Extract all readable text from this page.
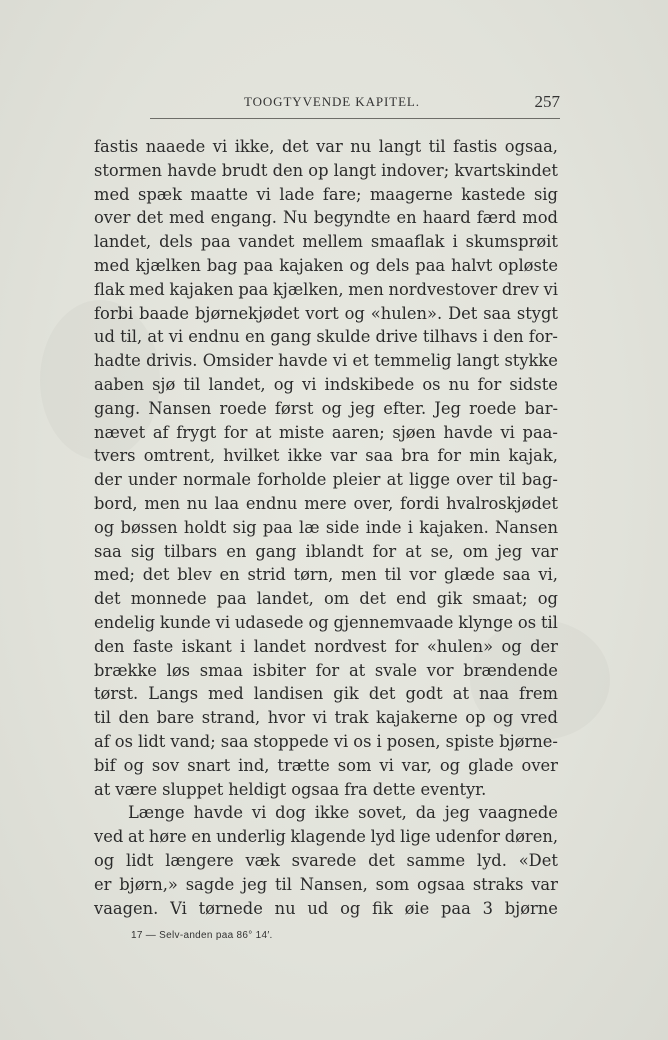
TOOGTYVENDE KAPITEL.	257
fastis naaede vi ikke, det var nu langt til fastis ogsaa,
stormen havde brudt den op langt indover; kvartskindet
med spæk maatte vi lade fare; maagerne kastede sig
over det med engang. Nu begyndte en haard færd mod
landet, dels paa vandet mellem smaaflak i skumsprøit
med kjælken bag paa kajaken og dels paa halvt opløste
flak med kajaken paa kjælken, men nordvestover drev vi
forbi baade bjørnekjødet vort og «hulen». Det saa stygt
ud til, at vi endnu en gang skulde drive tilhavs i den for-
hadte drivis. Omsider havde vi et temmelig langt stykke
aaben sjø til landet, og vi indskibede os nu for sidste
gang. Nansen roede først og jeg efter. Jeg roede bar-
nævet af frygt for at miste aaren; sjøen havde vi paa-
tvers omtrent, hvilket ikke var saa bra for min kajak,
der under normale forholde pleier at ligge over til bag-
bord, men nu laa endnu mere over, fordi hvalroskjødet
og bøssen holdt sig paa læ side inde i kajaken. Nansen
saa sig tilbars en gang iblandt for at se, om jeg var
med; det blev en strid tørn, men til vor glæde saa vi,
det monnede paa landet, om det end gik smaat; og
endelig kunde vi udasede og gjennemvaade klynge os til
den faste iskant i landet nordvest for «hulen» og der
brække løs smaa isbiter for at svale vor brændende
tørst. Langs med landisen gik det godt at naa frem
til den bare strand, hvor vi trak kajakerne op og vred
af os lidt vand; saa stoppede vi os i posen, spiste bjørne-
bif og sov snart ind, trætte som vi var, og glade over
at være sluppet heldigt ogsaa fra dette eventyr.
Længe havde vi dog ikke sovet, da jeg vaagnede
ved at høre en underlig klagende lyd lige udenfor døren,
og lidt længere væk svarede det samme lyd. «Det
er bjørn,» sagde jeg til Nansen, som ogsaa straks var
vaagen. Vi tørnede nu ud og fik øie paa 3 bjørne
17 — Selv-anden paa 86° 14′.
